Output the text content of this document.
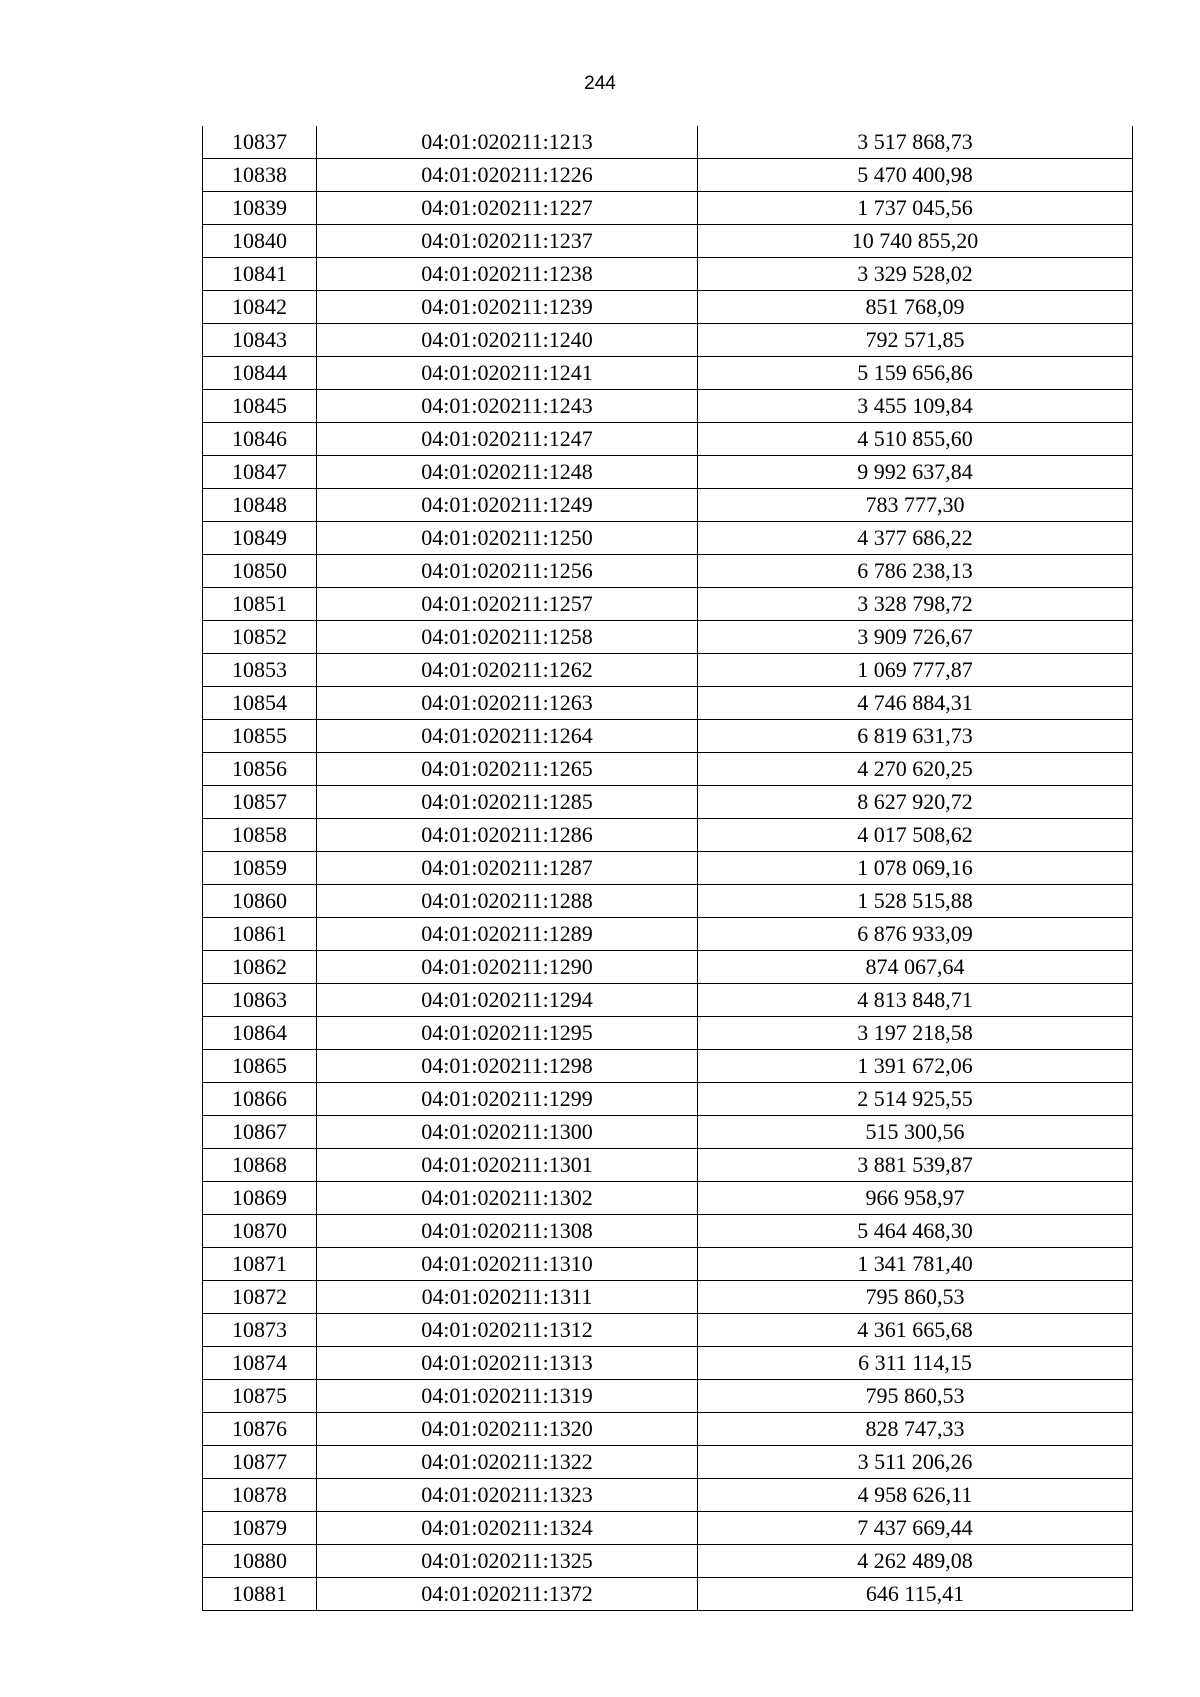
244
10837	04:01:020211:1213	3 517 868,73
10838	04:01:020211:1226	5 470 400,98
10839	04:01:020211:1227	1 737 045,56
10840	04:01:020211:1237	10 740 855,20
10841	04:01:020211:1238	3 329 528,02
10842	04:01:020211:1239	851 768,09
10843	04:01:020211:1240	792 571,85
10844	04:01:020211:1241	5 159 656,86
10845	04:01:020211:1243	3 455 109,84
10846	04:01:020211:1247	4 510 855,60
10847	04:01:020211:1248	9 992 637,84
10848	04:01:020211:1249	783 777,30
10849	04:01:020211:1250	4 377 686,22
10850	04:01:020211:1256	6 786 238,13
10851	04:01:020211:1257	3 328 798,72
10852	04:01:020211:1258	3 909 726,67
10853	04:01:020211:1262	1 069 777,87
10854	04:01:020211:1263	4 746 884,31
10855	04:01:020211:1264	6 819 631,73
10856	04:01:020211:1265	4 270 620,25
10857	04:01:020211:1285	8 627 920,72
10858	04:01:020211:1286	4 017 508,62
10859	04:01:020211:1287	1 078 069,16
10860	04:01:020211:1288	1 528 515,88
10861	04:01:020211:1289	6 876 933,09
10862	04:01:020211:1290	874 067,64
10863	04:01:020211:1294	4 813 848,71
10864	04:01:020211:1295	3 197 218,58
10865	04:01:020211:1298	1 391 672,06
10866	04:01:020211:1299	2 514 925,55
10867	04:01:020211:1300	515 300,56
10868	04:01:020211:1301	3 881 539,87
10869	04:01:020211:1302	966 958,97
10870	04:01:020211:1308	5 464 468,30
10871	04:01:020211:1310	1 341 781,40
10872	04:01:020211:1311	795 860,53
10873	04:01:020211:1312	4 361 665,68
10874	04:01:020211:1313	6 311 114,15
10875	04:01:020211:1319	795 860,53
10876	04:01:020211:1320	828 747,33
10877	04:01:020211:1322	3 511 206,26
10878	04:01:020211:1323	4 958 626,11
10879	04:01:020211:1324	7 437 669,44
10880	04:01:020211:1325	4 262 489,08
10881	04:01:020211:1372	646 115,41
